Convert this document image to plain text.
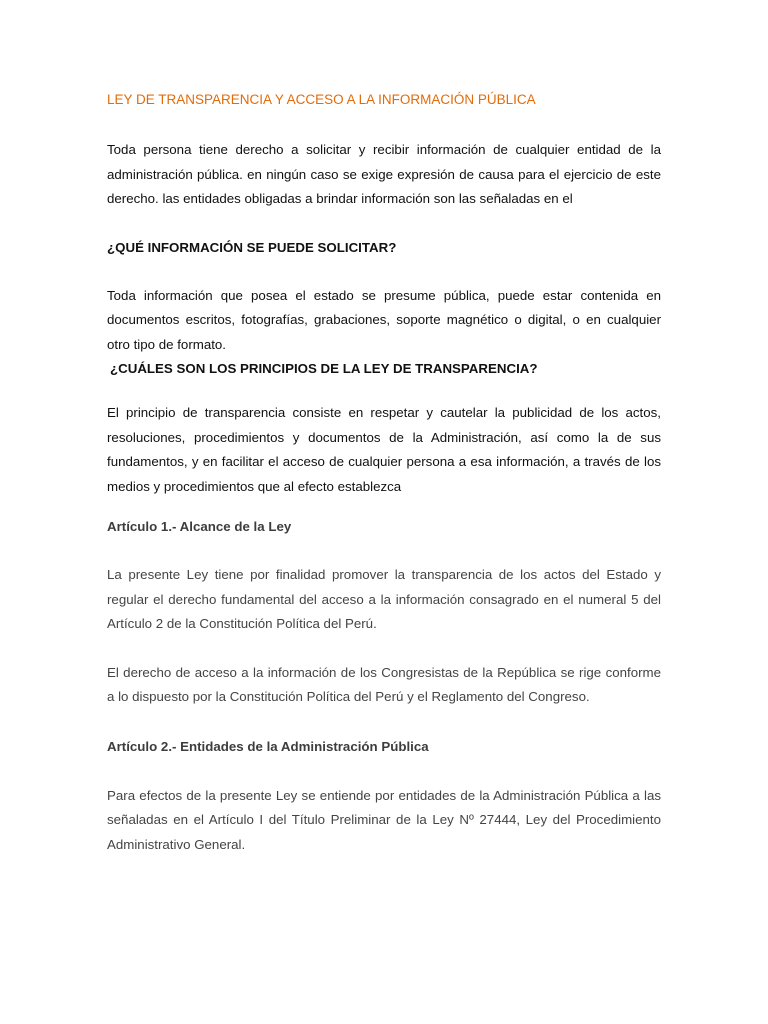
LEY DE TRANSPARENCIA Y ACCESO A LA INFORMACIÓN PÚBLICA

Toda persona tiene derecho a solicitar y recibir información de cualquier entidad de la administración pública. en ningún caso se exige expresión de causa para el ejercicio de este derecho. las entidades obligadas a brindar información son las señaladas en el

¿QUÉ INFORMACIÓN SE PUEDE SOLICITAR?

Toda información que posea el estado se presume pública, puede estar contenida en documentos escritos, fotografías, grabaciones, soporte magnético o digital, o en cualquier otro tipo de formato.

¿CUÁLES SON LOS PRINCIPIOS DE LA LEY DE TRANSPARENCIA?

El principio de transparencia consiste en respetar y cautelar la publicidad de los actos, resoluciones, procedimientos y documentos de la Administración, así como la de sus fundamentos, y en facilitar el acceso de cualquier persona a esa información, a través de los medios y procedimientos que al efecto establezca

Artículo 1.- Alcance de la Ley

La presente Ley tiene por finalidad promover la transparencia de los actos del Estado y regular el derecho fundamental del acceso a la información consagrado en el numeral 5 del Artículo 2 de la Constitución Política del Perú.

El derecho de acceso a la información de los Congresistas de la República se rige conforme a lo dispuesto por la Constitución Política del Perú y el Reglamento del Congreso.

Artículo 2.- Entidades de la Administración Pública

Para efectos de la presente Ley se entiende por entidades de la Administración Pública a las señaladas en el Artículo I del Título Preliminar de la Ley Nº 27444, Ley del Procedimiento Administrativo General.
